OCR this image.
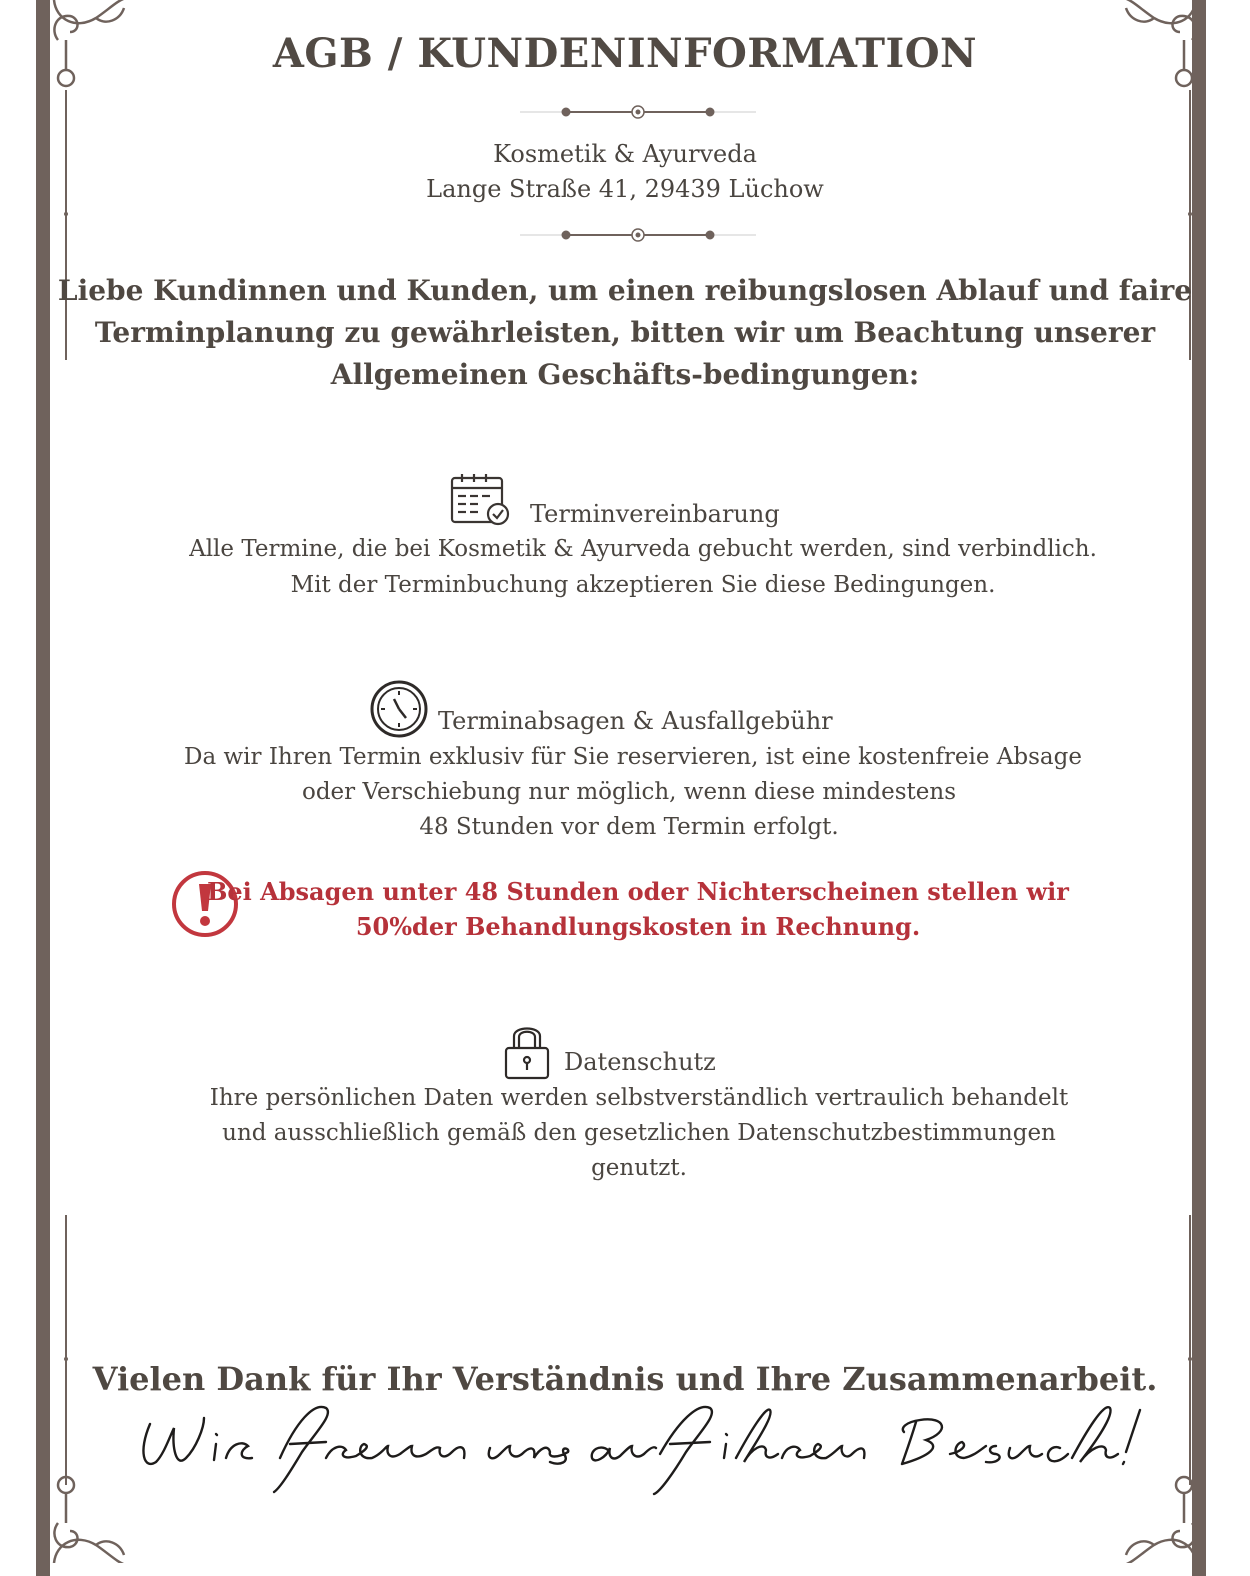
AGB / KUNDENINFORMATION
Kosmetik & Ayurveda
Lange Straße 41, 29439 Lüchow
Liebe Kundinnen und Kunden, um einen reibungslosen Ablauf und faire
Terminplanung zu gewährleisten, bitten wir um Beachtung unserer
Allgemeinen Geschäfts-bedingungen:
Terminvereinbarung
Alle Termine, die bei Kosmetik & Ayurveda gebucht werden, sind verbindlich.
Mit der Terminbuchung akzeptieren Sie diese Bedingungen.
Terminabsagen & Ausfallgebühr
Da wir Ihren Termin exklusiv für Sie reservieren, ist eine kostenfreie Absage
oder Verschiebung nur möglich, wenn diese mindestens
48 Stunden vor dem Termin erfolgt.
Bei Absagen unter 48 Stunden oder Nichterscheinen stellen wir
50%der Behandlungskosten in Rechnung.
Datenschutz
Ihre persönlichen Daten werden selbstverständlich vertraulich behandelt
und ausschließlich gemäß den gesetzlichen Datenschutzbestimmungen
genutzt.
Vielen Dank für Ihr Verständnis und Ihre Zusammenarbeit.
